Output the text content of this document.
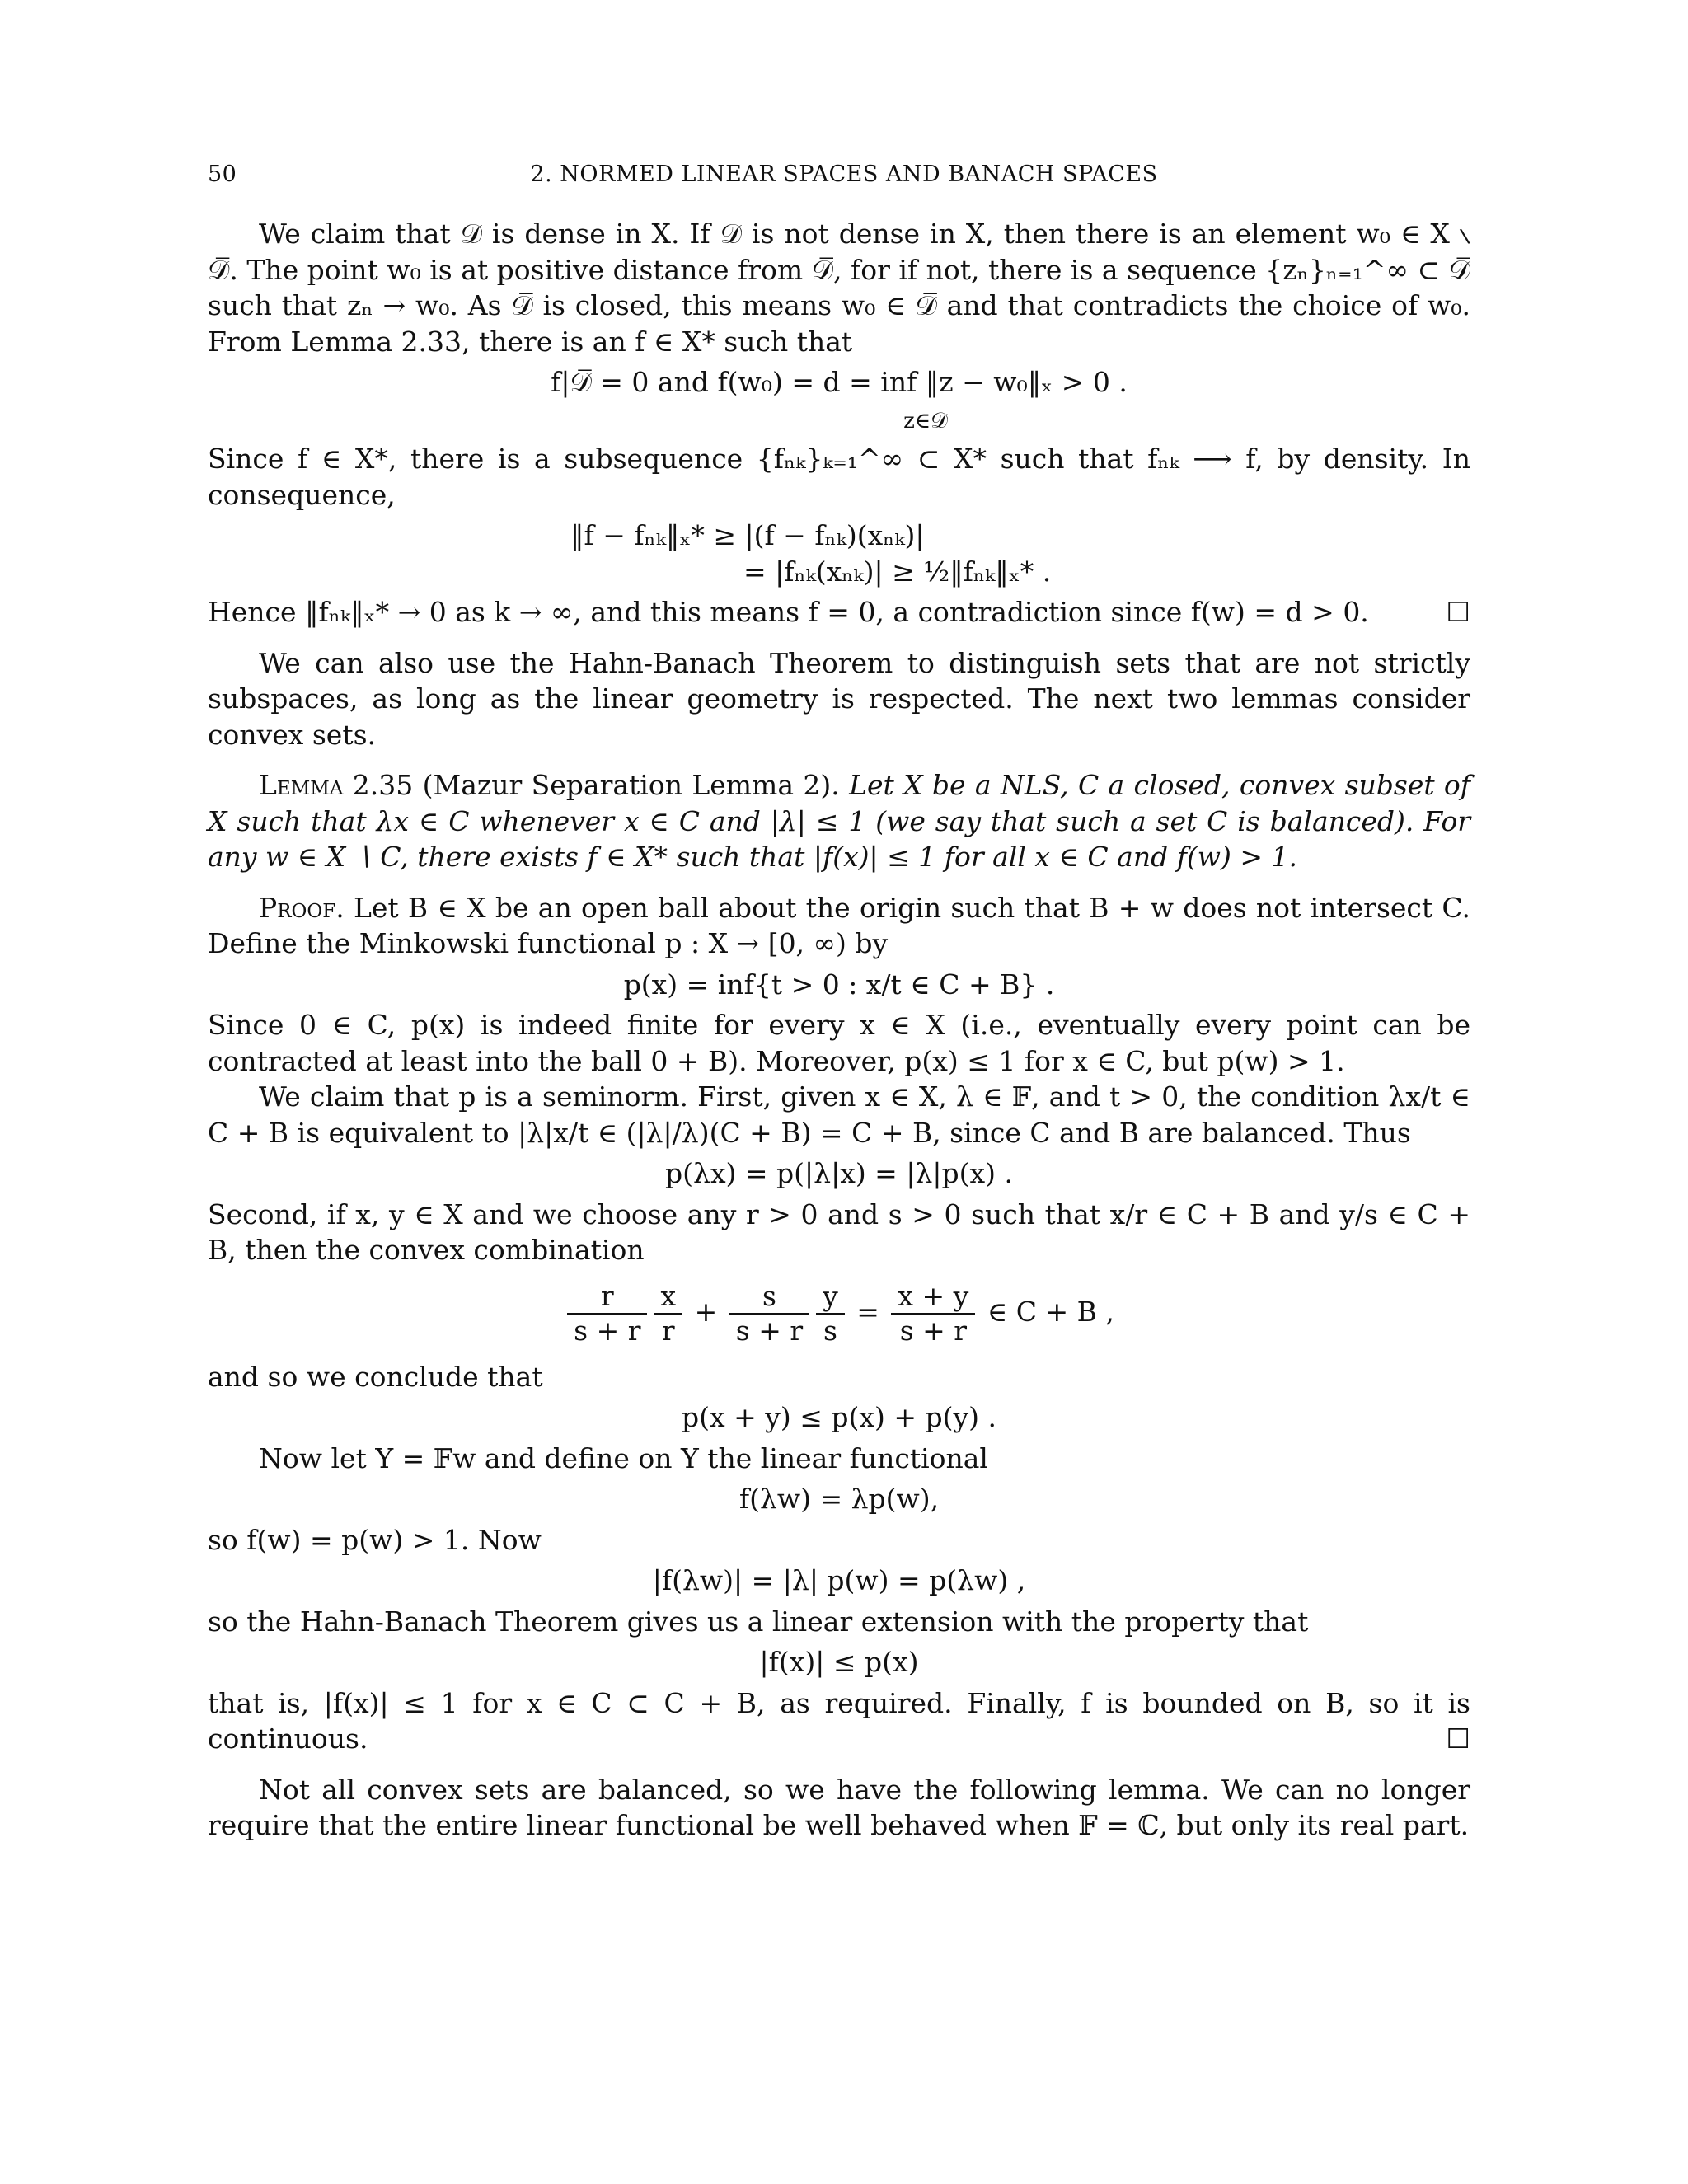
50	2. NORMED LINEAR SPACES AND BANACH SPACES

We claim that 𝒟 is dense in X. If 𝒟 is not dense in X, then there is an element w₀ ∈ X ∖ 𝒟̅. The point w₀ is at positive distance from 𝒟̅, for if not, there is a sequence {zₙ}ₙ₌₁^∞ ⊂ 𝒟̅ such that zₙ → w₀. As 𝒟̅ is closed, this means w₀ ∈ 𝒟̅ and that contradicts the choice of w₀. From Lemma 2.33, there is an f ∈ X* such that

f|𝒟̅ = 0 and f(w₀) = d = inf ‖z − w₀‖ₓ > 0 .
z∈𝒟

Since f ∈ X*, there is a subsequence {fₙₖ}ₖ₌₁^∞ ⊂ X* such that fₙₖ ⟶ f, by density. In consequence,

‖f − fₙₖ‖ₓ* ≥ |(f − fₙₖ)(xₙₖ)|
= |fₙₖ(xₙₖ)| ≥ ½‖fₙₖ‖ₓ* .

Hence ‖fₙₖ‖ₓ* → 0 as k → ∞, and this means f = 0, a contradiction since f(w) = d > 0.	☐

We can also use the Hahn-Banach Theorem to distinguish sets that are not strictly subspaces, as long as the linear geometry is respected. The next two lemmas consider convex sets.

Lemma 2.35 (Mazur Separation Lemma 2). Let X be a NLS, C a closed, convex subset of X such that λx ∈ C whenever x ∈ C and |λ| ≤ 1 (we say that such a set C is balanced). For any w ∈ X ∖ C, there exists f ∈ X* such that |f(x)| ≤ 1 for all x ∈ C and f(w) > 1.

Proof. Let B ∈ X be an open ball about the origin such that B + w does not intersect C. Define the Minkowski functional p : X → [0, ∞) by

p(x) = inf{t > 0 : x/t ∈ C + B} .

Since 0 ∈ C, p(x) is indeed finite for every x ∈ X (i.e., eventually every point can be contracted at least into the ball 0 + B). Moreover, p(x) ≤ 1 for x ∈ C, but p(w) > 1.

We claim that p is a seminorm. First, given x ∈ X, λ ∈ 𝔽, and t > 0, the condition λx/t ∈ C + B is equivalent to |λ|x/t ∈ (|λ|/λ)(C + B) = C + B, since C and B are balanced. Thus

p(λx) = p(|λ|x) = |λ|p(x) .

Second, if x, y ∈ X and we choose any r > 0 and s > 0 such that x/r ∈ C + B and y/s ∈ C + B, then the convex combination

$\frac{r}{s + r} \frac{x}{r} + \frac{s}{s + r} \frac{y}{s} = \frac{x + y}{s + r}$ ∈ C + B ,

and so we conclude that

p(x + y) ≤ p(x) + p(y) .

Now let Y = 𝔽w and define on Y the linear functional

f(λw) = λp(w),

so f(w) = p(w) > 1. Now

|f(λw)| = |λ| p(w) = p(λw) ,

so the Hahn-Banach Theorem gives us a linear extension with the property that

|f(x)| ≤ p(x)

that is, |f(x)| ≤ 1 for x ∈ C ⊂ C + B, as required. Finally, f is bounded on B, so it is continuous.	☐

Not all convex sets are balanced, so we have the following lemma. We can no longer require that the entire linear functional be well behaved when 𝔽 = ℂ, but only its real part.
